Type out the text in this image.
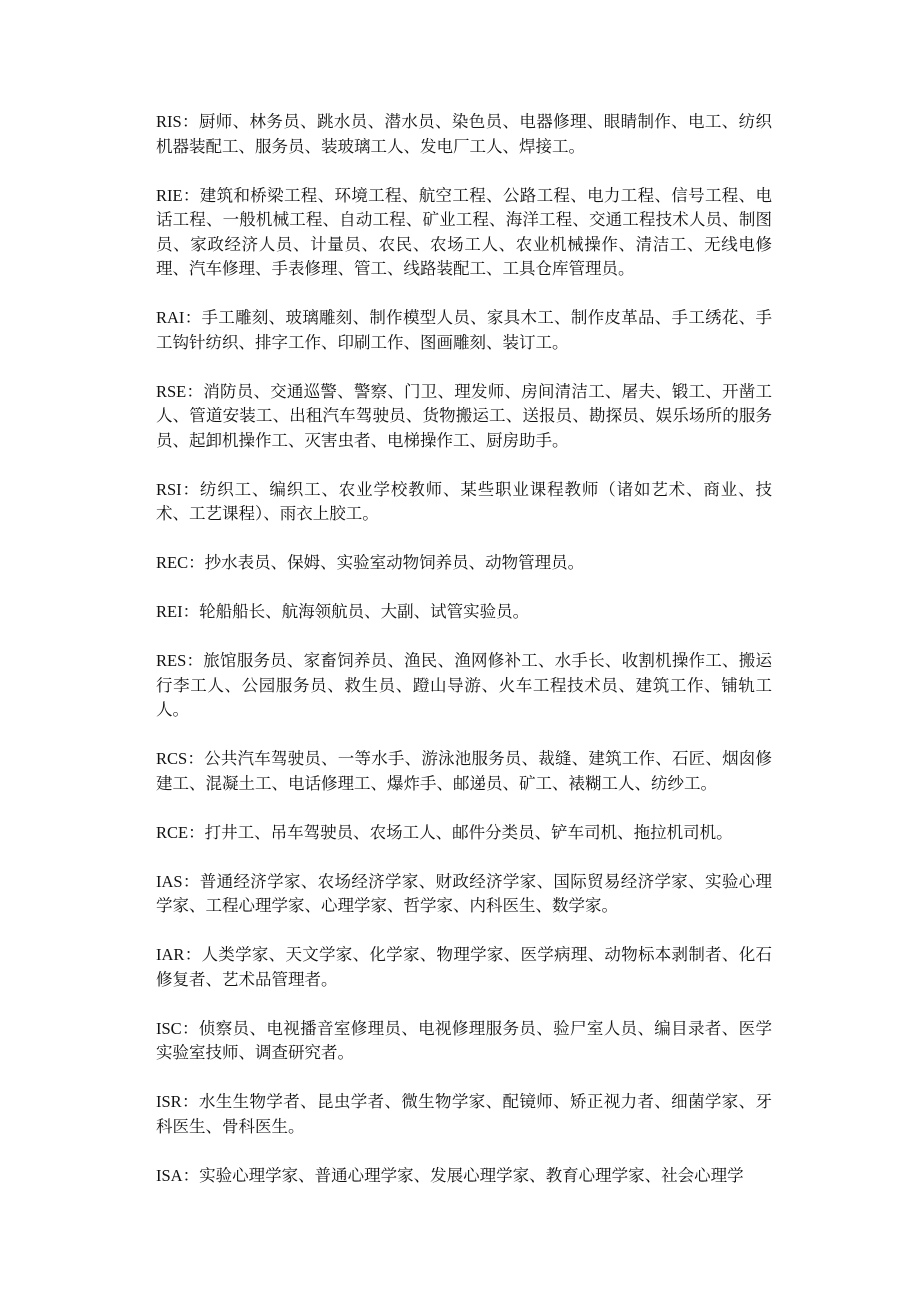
RIS：厨师、林务员、跳水员、潜水员、染色员、电器修理、眼睛制作、电工、纺织机器装配工、服务员、装玻璃工人、发电厂工人、焊接工。

RIE：建筑和桥梁工程、环境工程、航空工程、公路工程、电力工程、信号工程、电话工程、一般机械工程、自动工程、矿业工程、海洋工程、交通工程技术人员、制图员、家政经济人员、计量员、农民、农场工人、农业机械操作、清洁工、无线电修理、汽车修理、手表修理、管工、线路装配工、工具仓库管理员。

RAI：手工雕刻、玻璃雕刻、制作模型人员、家具木工、制作皮革品、手工绣花、手工钩针纺织、排字工作、印刷工作、图画雕刻、装订工。

RSE：消防员、交通巡警、警察、门卫、理发师、房间清洁工、屠夫、锻工、开凿工人、管道安装工、出租汽车驾驶员、货物搬运工、送报员、勘探员、娱乐场所的服务员、起卸机操作工、灭害虫者、电梯操作工、厨房助手。

RSI：纺织工、编织工、农业学校教师、某些职业课程教师（诸如艺术、商业、技术、工艺课程）、雨衣上胶工。

REC：抄水表员、保姆、实验室动物饲养员、动物管理员。

REI：轮船船长、航海领航员、大副、试管实验员。

RES：旅馆服务员、家畜饲养员、渔民、渔网修补工、水手长、收割机操作工、搬运行李工人、公园服务员、救生员、蹬山导游、火车工程技术员、建筑工作、铺轨工人。

RCS：公共汽车驾驶员、一等水手、游泳池服务员、裁缝、建筑工作、石匠、烟囱修建工、混凝土工、电话修理工、爆炸手、邮递员、矿工、裱糊工人、纺纱工。

RCE：打井工、吊车驾驶员、农场工人、邮件分类员、铲车司机、拖拉机司机。

IAS：普通经济学家、农场经济学家、财政经济学家、国际贸易经济学家、实验心理学家、工程心理学家、心理学家、哲学家、内科医生、数学家。

IAR：人类学家、天文学家、化学家、物理学家、医学病理、动物标本剥制者、化石修复者、艺术品管理者。

ISC：侦察员、电视播音室修理员、电视修理服务员、验尸室人员、编目录者、医学实验室技师、调查研究者。

ISR：水生生物学者、昆虫学者、微生物学家、配镜师、矫正视力者、细菌学家、牙科医生、骨科医生。

ISA：实验心理学家、普通心理学家、发展心理学家、教育心理学家、社会心理学
